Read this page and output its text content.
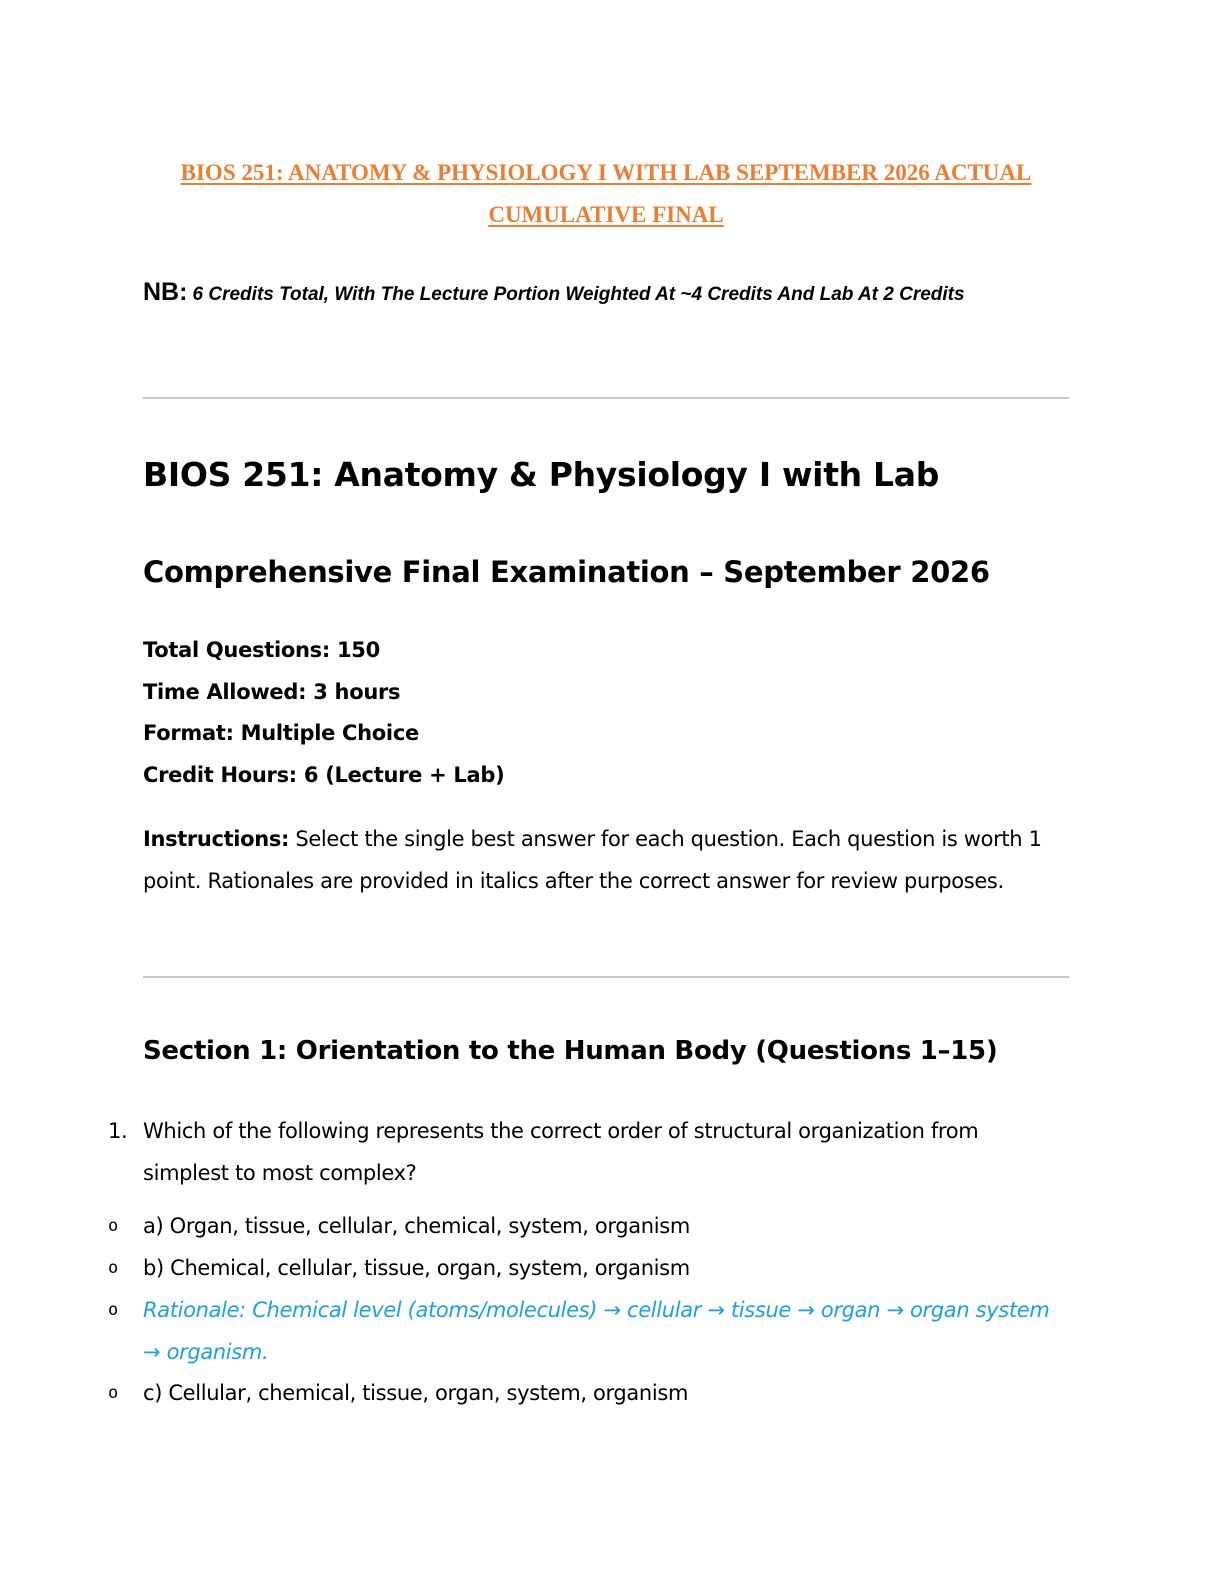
BIOS 251: ANATOMY & PHYSIOLOGY I WITH LAB SEPTEMBER 2026 ACTUAL CUMULATIVE FINAL
NB: 6 Credits Total, With The Lecture Portion Weighted At ~4 Credits And Lab At 2 Credits
BIOS 251: Anatomy & Physiology I with Lab
Comprehensive Final Examination – September 2026
Total Questions: 150
Time Allowed: 3 hours
Format: Multiple Choice
Credit Hours: 6 (Lecture + Lab)
Instructions: Select the single best answer for each question. Each question is worth 1 point. Rationales are provided in italics after the correct answer for review purposes.
Section 1: Orientation to the Human Body (Questions 1–15)
1. Which of the following represents the correct order of structural organization from simplest to most complex?
o a) Organ, tissue, cellular, chemical, system, organism
o b) Chemical, cellular, tissue, organ, system, organism
o Rationale: Chemical level (atoms/molecules) → cellular → tissue → organ → organ system → organism.
o c) Cellular, chemical, tissue, organ, system, organism
